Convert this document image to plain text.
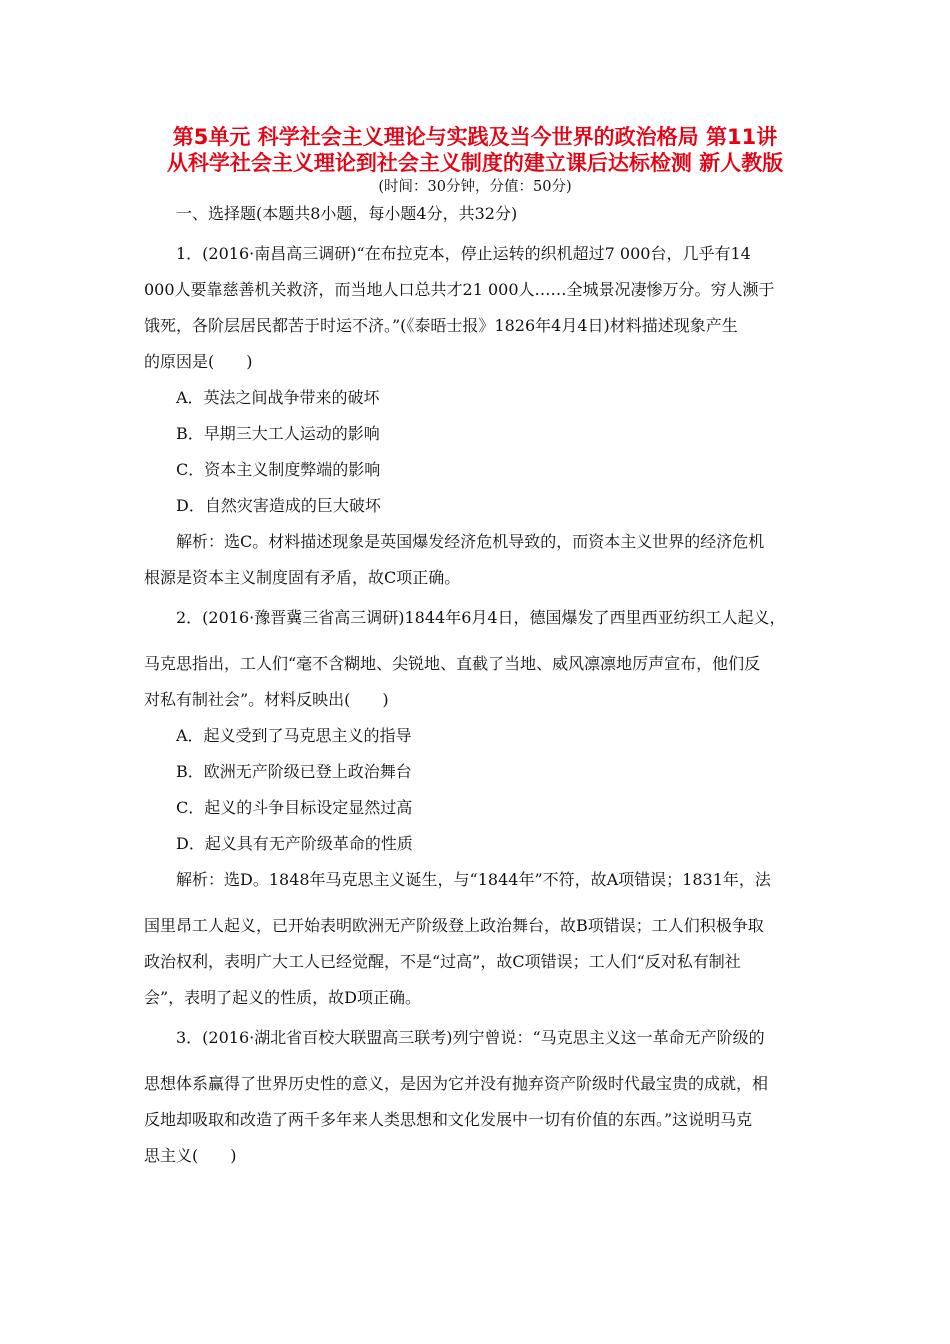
第5单元 科学社会主义理论与实践及当今世界的政治格局 第11讲
从科学社会主义理论到社会主义制度的建立课后达标检测 新人教版
(时间：30分钟，分值：50分)
一、选择题(本题共8小题，每小题4分，共32分)
1．(2016·南昌高三调研)“在布拉克本，停止运转的织机超过7 000台，几乎有14
000人要靠慈善机关救济，而当地人口总共才21 000人……全城景况凄惨万分。穷人濒于
饿死，各阶层居民都苦于时运不济。”(《泰晤士报》1826年4月4日)材料描述现象产生
的原因是(　　)
A．英法之间战争带来的破坏
B．早期三大工人运动的影响
C．资本主义制度弊端的影响
D．自然灾害造成的巨大破坏
解析：选C。材料描述现象是英国爆发经济危机导致的，而资本主义世界的经济危机
根源是资本主义制度固有矛盾，故C项正确。
2．(2016·豫晋冀三省高三调研)1844年6月4日，德国爆发了西里西亚纺织工人起义，
马克思指出，工人们“毫不含糊地、尖锐地、直截了当地、威风凛凛地厉声宣布，他们反
对私有制社会”。材料反映出(　　)
A．起义受到了马克思主义的指导
B．欧洲无产阶级已登上政治舞台
C．起义的斗争目标设定显然过高
D．起义具有无产阶级革命的性质
解析：选D。1848年马克思主义诞生，与“1844年”不符，故A项错误；1831年，法
国里昂工人起义，已开始表明欧洲无产阶级登上政治舞台，故B项错误；工人们积极争取
政治权利，表明广大工人已经觉醒，不是“过高”，故C项错误；工人们“反对私有制社
会”，表明了起义的性质，故D项正确。
3．(2016·湖北省百校大联盟高三联考)列宁曾说：“马克思主义这一革命无产阶级的
思想体系赢得了世界历史性的意义，是因为它并没有抛弃资产阶级时代最宝贵的成就，相
反地却吸取和改造了两千多年来人类思想和文化发展中一切有价值的东西。”这说明马克
思主义(　　)
